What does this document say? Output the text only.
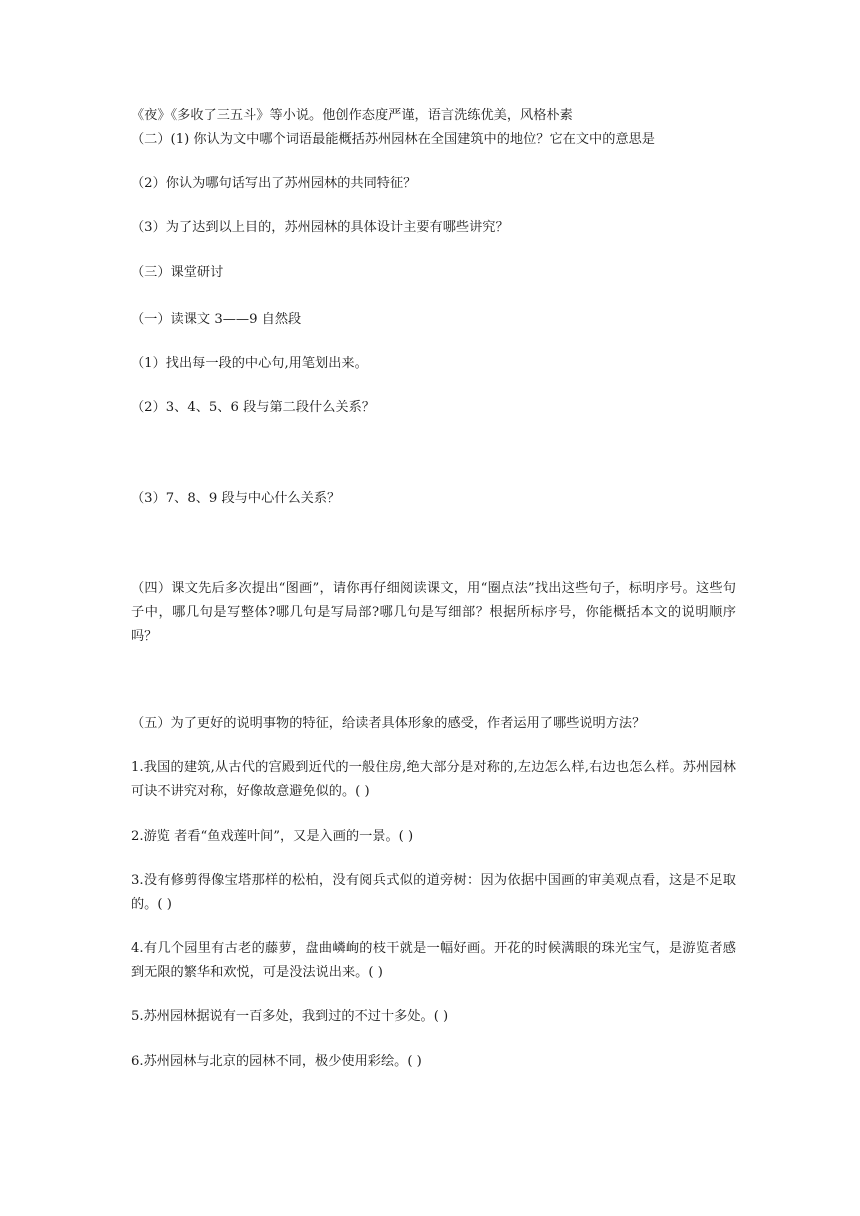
《夜》《多收了三五斗》等小说。他创作态度严谨，语言洗练优美，风格朴素

（二）(1) 你认为文中哪个词语最能概括苏州园林在全国建筑中的地位？它在文中的意思是

（2）你认为哪句话写出了苏州园林的共同特征？

（3）为了达到以上目的，苏州园林的具体设计主要有哪些讲究？

（三）课堂研讨

（一）读课文 3——9 自然段

（1）找出每一段的中心句,用笔划出来。

（2）3、4、5、6 段与第二段什么关系？

（3）7、8、9 段与中心什么关系？

（四）课文先后多次提出“图画”，请你再仔细阅读课文，用“圈点法”找出这些句子，标明序号。这些句子中，哪几句是写整体?哪几句是写局部?哪几句是写细部？根据所标序号，你能概括本文的说明顺序吗？

（五）为了更好的说明事物的特征，给读者具体形象的感受，作者运用了哪些说明方法？

1.我国的建筑,从古代的宫殿到近代的一般住房,绝大部分是对称的,左边怎么样,右边也怎么样。苏州园林可诀不讲究对称，好像故意避免似的。( )

2.游览 者看“鱼戏莲叶间”，又是入画的一景。( )

3.没有修剪得像宝塔那样的松柏，没有阅兵式似的道旁树：因为依据中国画的审美观点看，这是不足取的。( )

4.有几个园里有古老的藤萝，盘曲嶙峋的枝干就是一幅好画。开花的时候满眼的珠光宝气，是游览者感到无限的繁华和欢悦，可是没法说出来。( )

5.苏州园林据说有一百多处，我到过的不过十多处。( )

6.苏州园林与北京的园林不同，极少使用彩绘。( )
